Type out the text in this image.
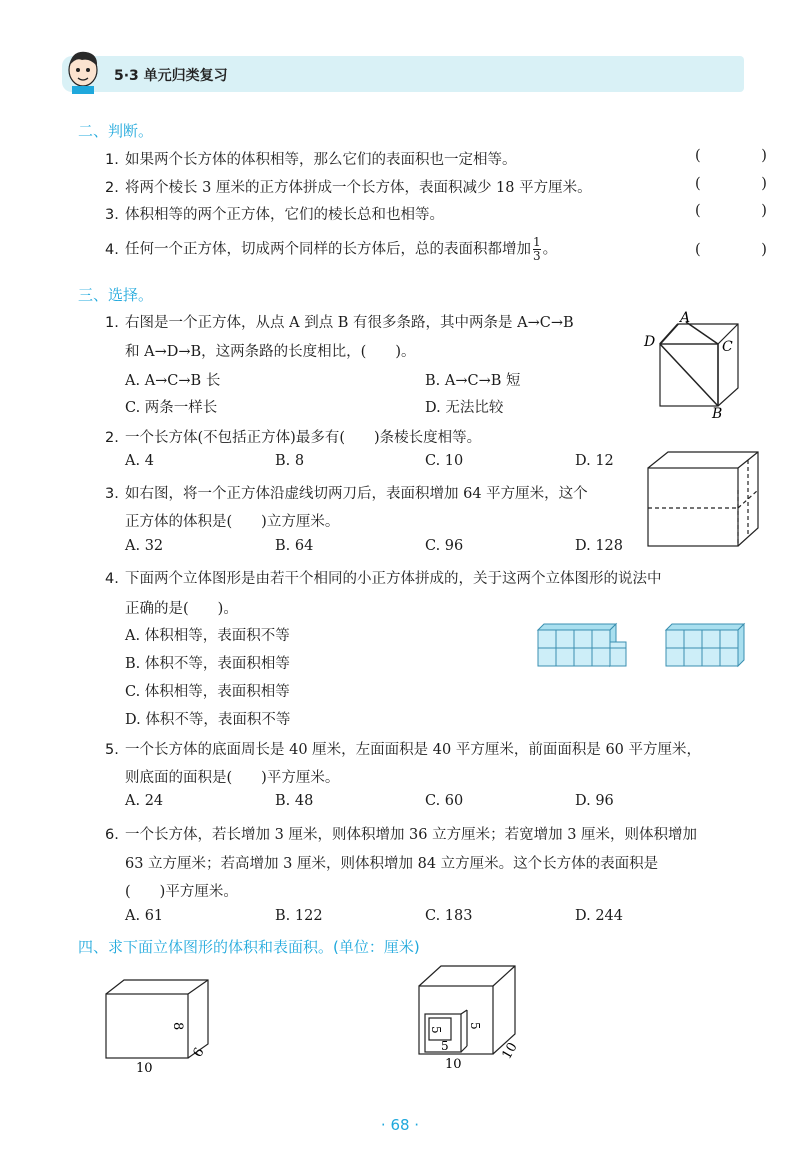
5·3 单元归类复习
二、判断。
1. 如果两个长方体的体积相等，那么它们的表面积也一定相等。	( )
2. 将两个棱长 3 厘米的正方体拼成一个长方体，表面积减少 18 平方厘米。	( )
3. 体积相等的两个正方体，它们的棱长总和也相等。	( )
4. 任何一个正方体，切成两个同样的长方体后，总的表面积都增加 $\frac{1}{3}$ 。	( )
三、选择。
1. 右图是一个正方体，从点 A 到点 B 有很多条路，其中两条是 A→C→B
和 A→D→B，这两条路的长度相比，(　　)。
A. A→C→B 长	B. A→C→B 短
C. 两条一样长	D. 无法比较
A
D	C
B
2. 一个长方体(不包括正方体)最多有(　　)条棱长度相等。
A. 4	B. 8	C. 10	D. 12
3. 如右图，将一个正方体沿虚线切两刀后，表面积增加 64 平方厘米，这个
正方体的体积是(　　)立方厘米。
A. 32	B. 64	C. 96	D. 128
4. 下面两个立体图形是由若干个相同的小正方体拼成的，关于这两个立体图形的说法中
正确的是(　　)。
A. 体积相等，表面积不等
B. 体积不等，表面积相等
C. 体积相等，表面积相等
D. 体积不等，表面积不等
5. 一个长方体的底面周长是 40 厘米，左面面积是 40 平方厘米，前面面积是 60 平方厘米，
则底面的面积是(　　)平方厘米。
A. 24	B. 48	C. 60	D. 96
6. 一个长方体，若长增加 3 厘米，则体积增加 36 立方厘米；若宽增加 3 厘米，则体积增加
63 立方厘米；若高增加 3 厘米，则体积增加 84 立方厘米。这个长方体的表面积是
(　　)平方厘米。
A. 61	B. 122	C. 183	D. 244
四、求下面立体图形的体积和表面积。(单位：厘米)
10
6
8
10
10
5
5
5
· 68 ·
